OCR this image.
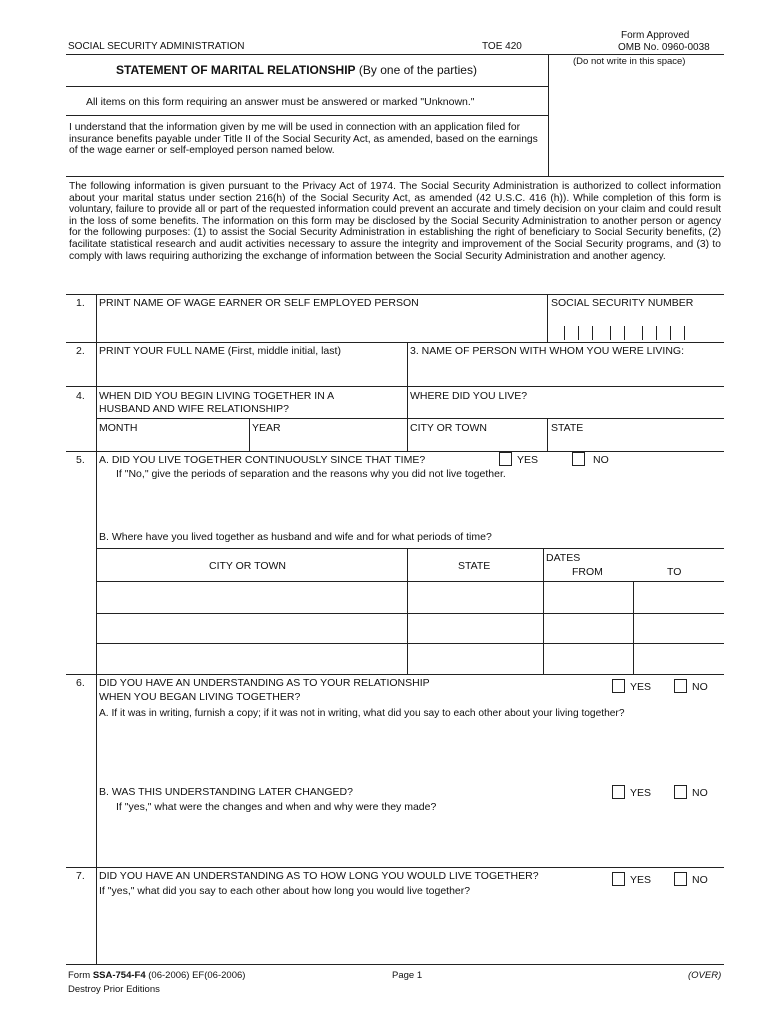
SOCIAL SECURITY ADMINISTRATION	TOE 420
Form Approved
OMB No. 0960-0038
STATEMENT OF MARITAL RELATIONSHIP (By one of the parties)
(Do not write in this space)
All items on this form requiring an answer must be answered or marked "Unknown."
I understand that the information given by me will be used in connection with an application filed for insurance benefits payable under Title II of the Social Security Act, as amended, based on the earnings of the wage earner or self-employed person named below.
The following information is given pursuant to the Privacy Act of 1974. The Social Security Administration is authorized to collect information about your marital status under section 216(h) of the Social Security Act, as amended (42 U.S.C. 416 (h)). While completion of this form is voluntary, failure to provide all or part of the requested information could prevent an accurate and timely decision on your claim and could result in the loss of some benefits. The information on this form may be disclosed by the Social Security Administration to another person or agency for the following purposes: (1) to assist the Social Security Administration in establishing the right of beneficiary to Social Security benefits, (2) facilitate statistical research and audit activities necessary to assure the integrity and improvement of the Social Security programs, and (3) to comply with laws requiring authorizing the exchange of information between the Social Security Administration and another agency.
1. PRINT NAME OF WAGE EARNER OR SELF EMPLOYED PERSON	SOCIAL SECURITY NUMBER
2. PRINT YOUR FULL NAME (First, middle initial, last)	3. NAME OF PERSON WITH WHOM YOU WERE LIVING:
4. WHEN DID YOU BEGIN LIVING TOGETHER IN A
HUSBAND AND WIFE RELATIONSHIP?
WHERE DID YOU LIVE?
MONTH	YEAR	CITY OR TOWN	STATE
5. A. DID YOU LIVE TOGETHER CONTINUOUSLY SINCE THAT TIME?	YES	NO
If "No," give the periods of separation and the reasons why you did not live together.
B. Where have you lived together as husband and wife and for what periods of time?
CITY OR TOWN	STATE
DATES
FROM	TO
6. DID YOU HAVE AN UNDERSTANDING AS TO YOUR RELATIONSHIP
WHEN YOU BEGAN LIVING TOGETHER?
YES	NO
A. If it was in writing, furnish a copy; if it was not in writing, what did you say to each other about your living together?
B. WAS THIS UNDERSTANDING LATER CHANGED?	YES	NO
If "yes," what were the changes and when and why were they made?
7. DID YOU HAVE AN UNDERSTANDING AS TO HOW LONG YOU WOULD LIVE TOGETHER?	YES	NO
If "yes," what did you say to each other about how long you would live together?
Form SSA-754-F4 (06-2006) EF(06-2006)
Destroy Prior Editions
Page 1	(OVER)
